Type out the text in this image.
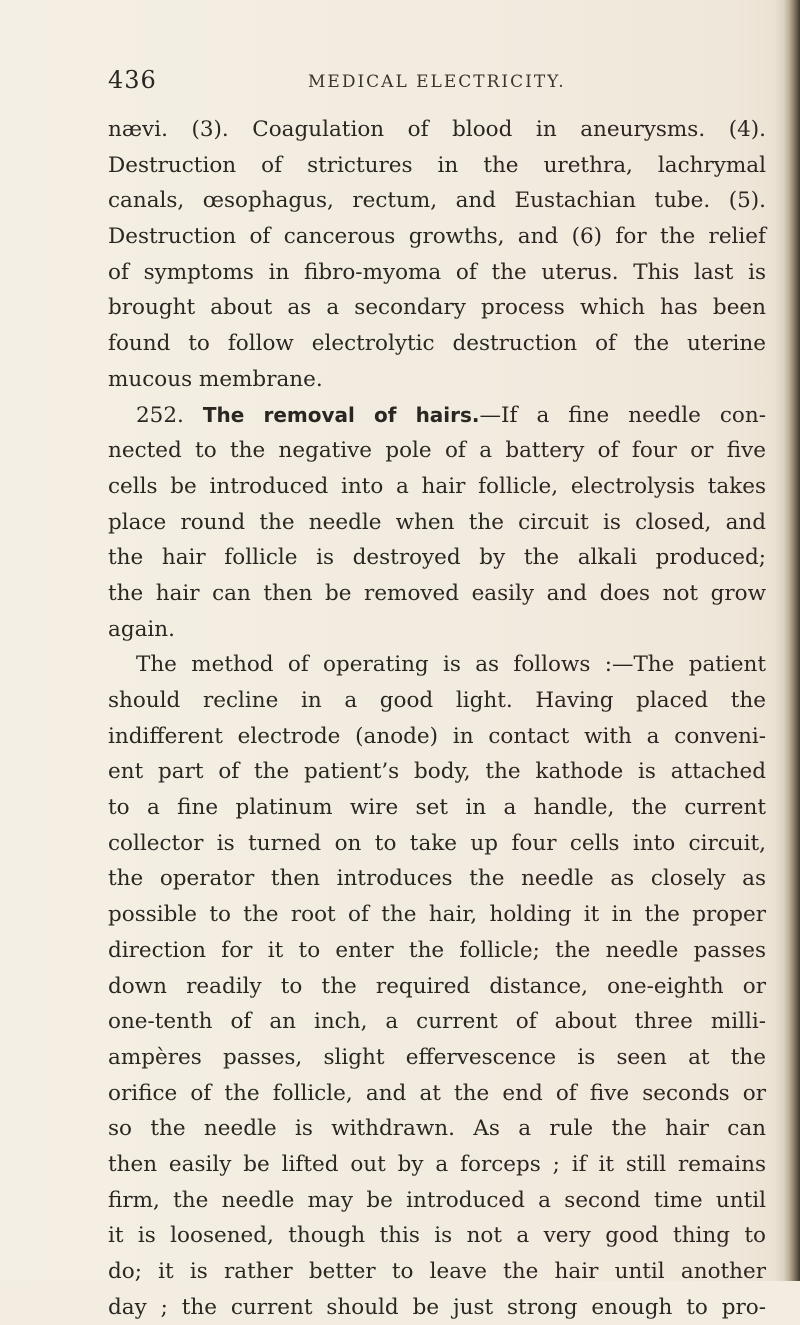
436	MEDICAL ELECTRICITY.
nævi. (3). Coagulation of blood in aneurysms. (4).
Destruction of strictures in the urethra, lachrymal
canals, œsophagus, rectum, and Eustachian tube. (5).
Destruction of cancerous growths, and (6) for the relief
of symptoms in fibro-myoma of the uterus. This last is
brought about as a secondary process which has been
found to follow electrolytic destruction of the uterine
mucous membrane.
252. The removal of hairs.—If a fine needle con-
nected to the negative pole of a battery of four or five
cells be introduced into a hair follicle, electrolysis takes
place round the needle when the circuit is closed, and
the hair follicle is destroyed by the alkali produced;
the hair can then be removed easily and does not grow
again.
The method of operating is as follows :—The patient
should recline in a good light. Having placed the
indifferent electrode (anode) in contact with a conveni-
ent part of the patient’s body, the kathode is attached
to a fine platinum wire set in a handle, the current
collector is turned on to take up four cells into circuit,
the operator then introduces the needle as closely as
possible to the root of the hair, holding it in the proper
direction for it to enter the follicle; the needle passes
down readily to the required distance, one-eighth or
one-tenth of an inch, a current of about three milli-
ampères passes, slight effervescence is seen at the
orifice of the follicle, and at the end of five seconds or
so the needle is withdrawn. As a rule the hair can
then easily be lifted out by a forceps ; if it still remains
firm, the needle may be introduced a second time until
it is loosened, though this is not a very good thing to
do; it is rather better to leave the hair until another
day ; the current should be just strong enough to pro-
